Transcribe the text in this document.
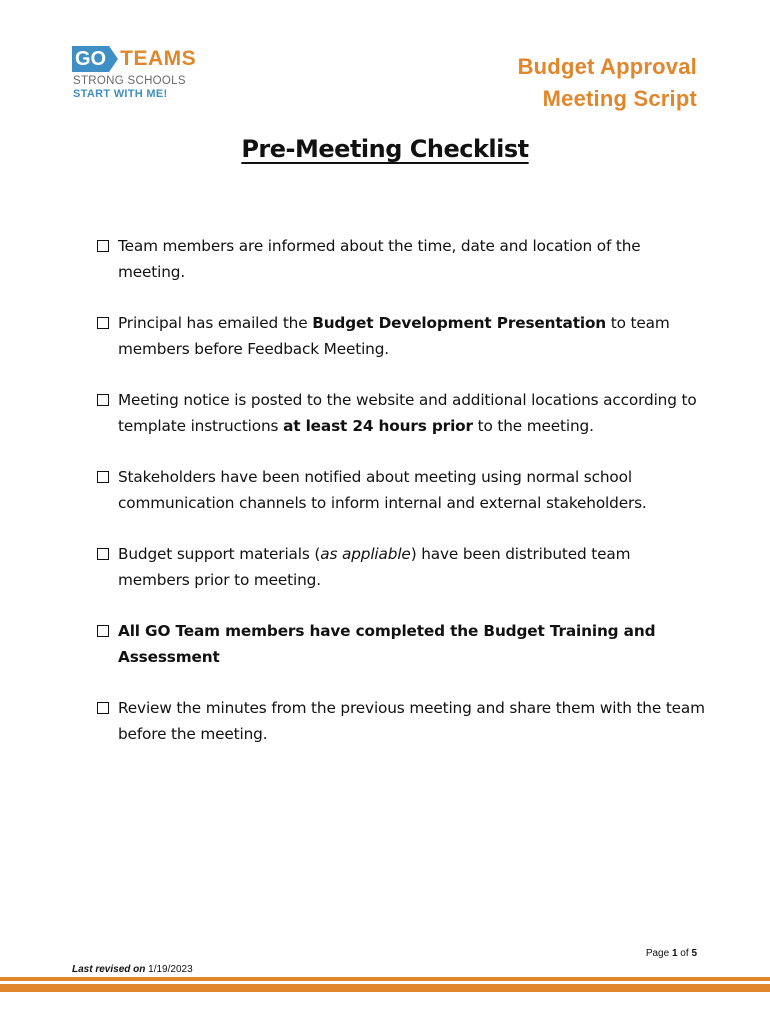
GO TEAMS
STRONG SCHOOLS
START WITH ME!
Budget Approval
Meeting Script
Pre-Meeting Checklist
Team members are informed about the time, date and location of the meeting.
Principal has emailed the Budget Development Presentation to team members before Feedback Meeting.
Meeting notice is posted to the website and additional locations according to template instructions at least 24 hours prior to the meeting.
Stakeholders have been notified about meeting using normal school communication channels to inform internal and external stakeholders.
Budget support materials (as appliable) have been distributed team members prior to meeting.
All GO Team members have completed the Budget Training and Assessment
Review the minutes from the previous meeting and share them with the team before the meeting.
Page 1 of 5
Last revised on 1/19/2023
